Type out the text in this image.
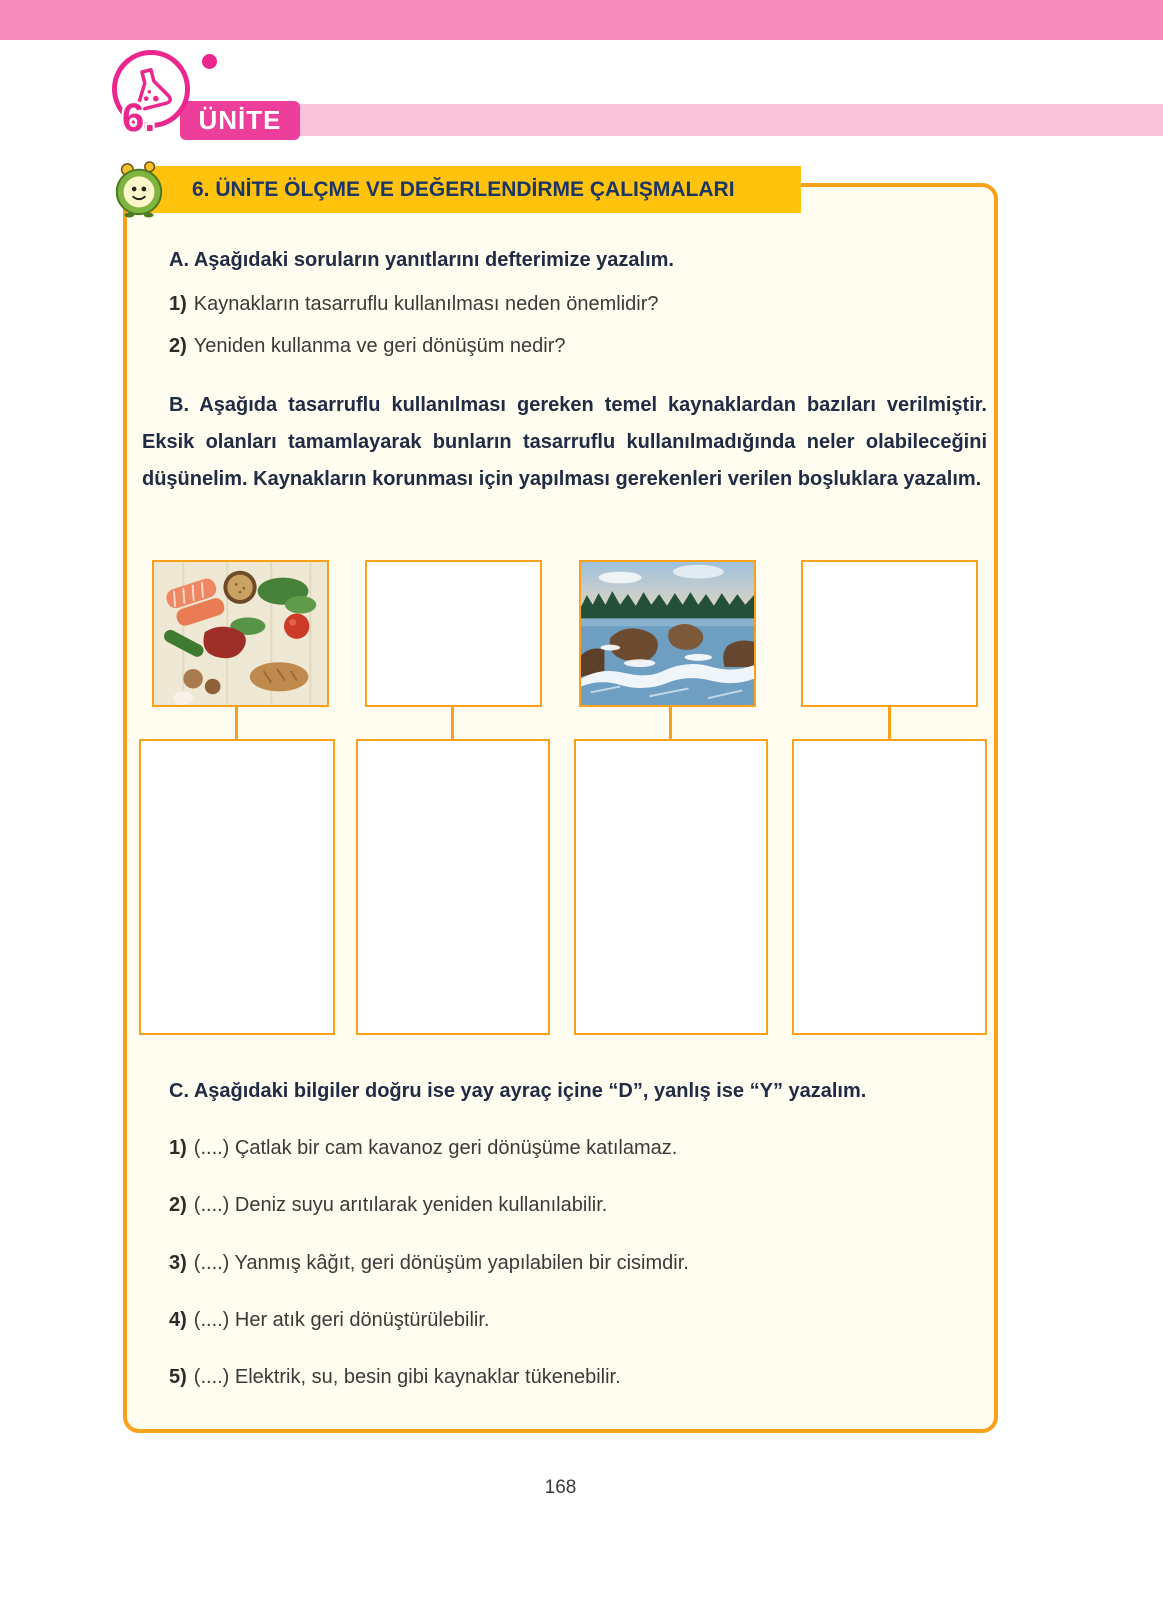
ÜNİTE
6.
6. ÜNİTE ÖLÇME VE DEĞERLENDİRME ÇALIŞMALARI
A. Aşağıdaki soruların yanıtlarını defterimize yazalım.

1) Kaynakların tasarruflu kullanılması neden önemlidir?

2) Yeniden kullanma ve geri dönüşüm nedir?

B. Aşağıda tasarruflu kullanılması gereken temel kaynaklardan bazıları verilmiştir. Eksik olanları tamamlayarak bunların tasarruflu kullanılmadığında neler olabileceğini düşünelim. Kaynakların korunması için yapılması gerekenleri verilen boşluklara yazalım.

C. Aşağıdaki bilgiler doğru ise yay ayraç içine “D”, yanlış ise “Y” yazalım.

1) (....) Çatlak bir cam kavanoz geri dönüşüme katılamaz.

2) (....) Deniz suyu arıtılarak yeniden kullanılabilir.

3) (....) Yanmış kâğıt, geri dönüşüm yapılabilen bir cisimdir.

4) (....) Her atık geri dönüştürülebilir.

5) (....) Elektrik, su, besin gibi kaynaklar tükenebilir.

168
